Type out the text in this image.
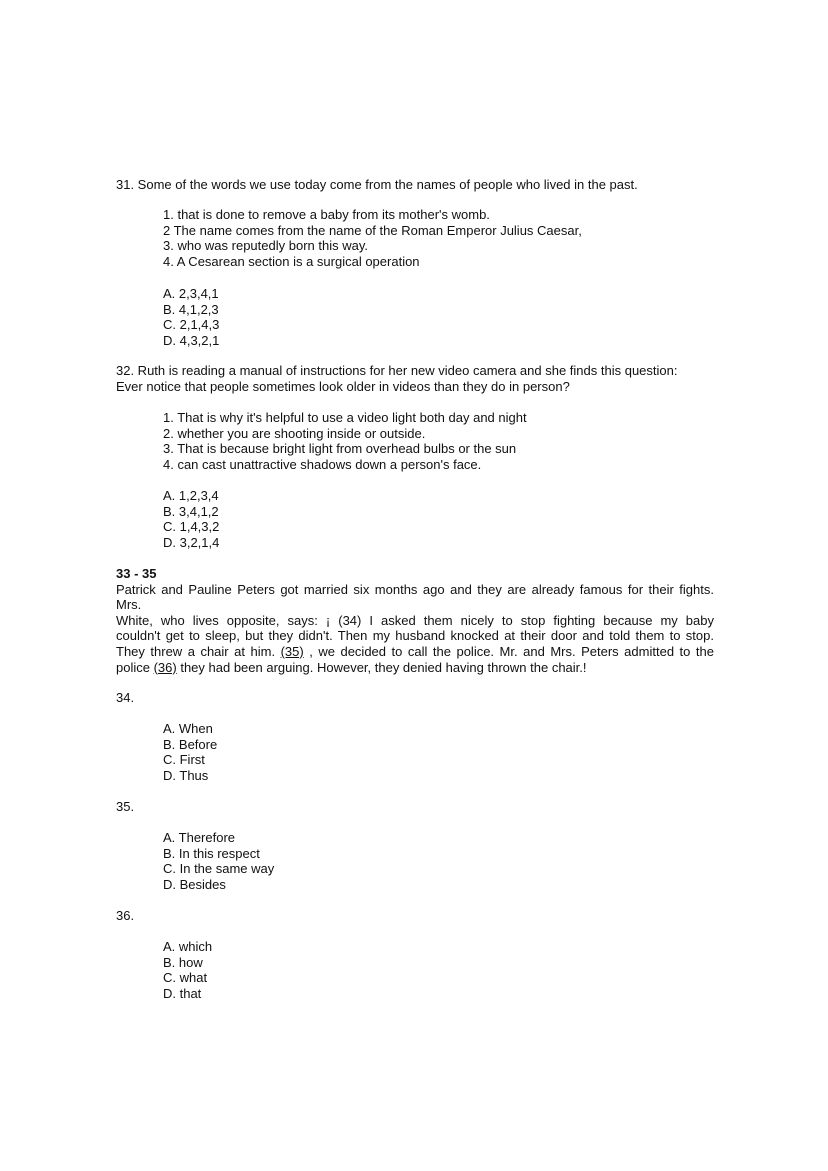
31. Some of the words we use today come from the names of people who lived in the past.
1. that is done to remove a baby from its mother's womb.
2 The name comes from the name of the Roman Emperor Julius Caesar,
3. who was reputedly born this way.
4. A Cesarean section is a surgical operation
A. 2,3,4,1
B. 4,1,2,3
C. 2,1,4,3
D. 4,3,2,1
32. Ruth is reading a manual of instructions for her new video camera and she finds this question:
Ever notice that people sometimes look older in videos than they do in person?
1. That is why it's helpful to use a video light both day and night
2. whether you are shooting inside or outside.
3. That is because bright light from overhead bulbs or the sun
4. can cast unattractive shadows down a person's face.
A. 1,2,3,4
B. 3,4,1,2
C. 1,4,3,2
D. 3,2,1,4
33 - 35
Patrick and Pauline Peters got married six months ago and they are already famous for their fights.
Mrs.
White, who lives opposite, says: ¡ (34) I asked them nicely to stop fighting because my baby
couldn't get to sleep, but they didn't. Then my husband knocked at their door and told them to stop.
They threw a chair at him. (35) , we decided to call the police. Mr. and Mrs. Peters admitted to the
police (36) they had been arguing. However, they denied having thrown the chair.!
34.
A. When
B. Before
C. First
D. Thus
35.
A. Therefore
B. In this respect
C. In the same way
D. Besides
36.
A. which
B. how
C. what
D. that
